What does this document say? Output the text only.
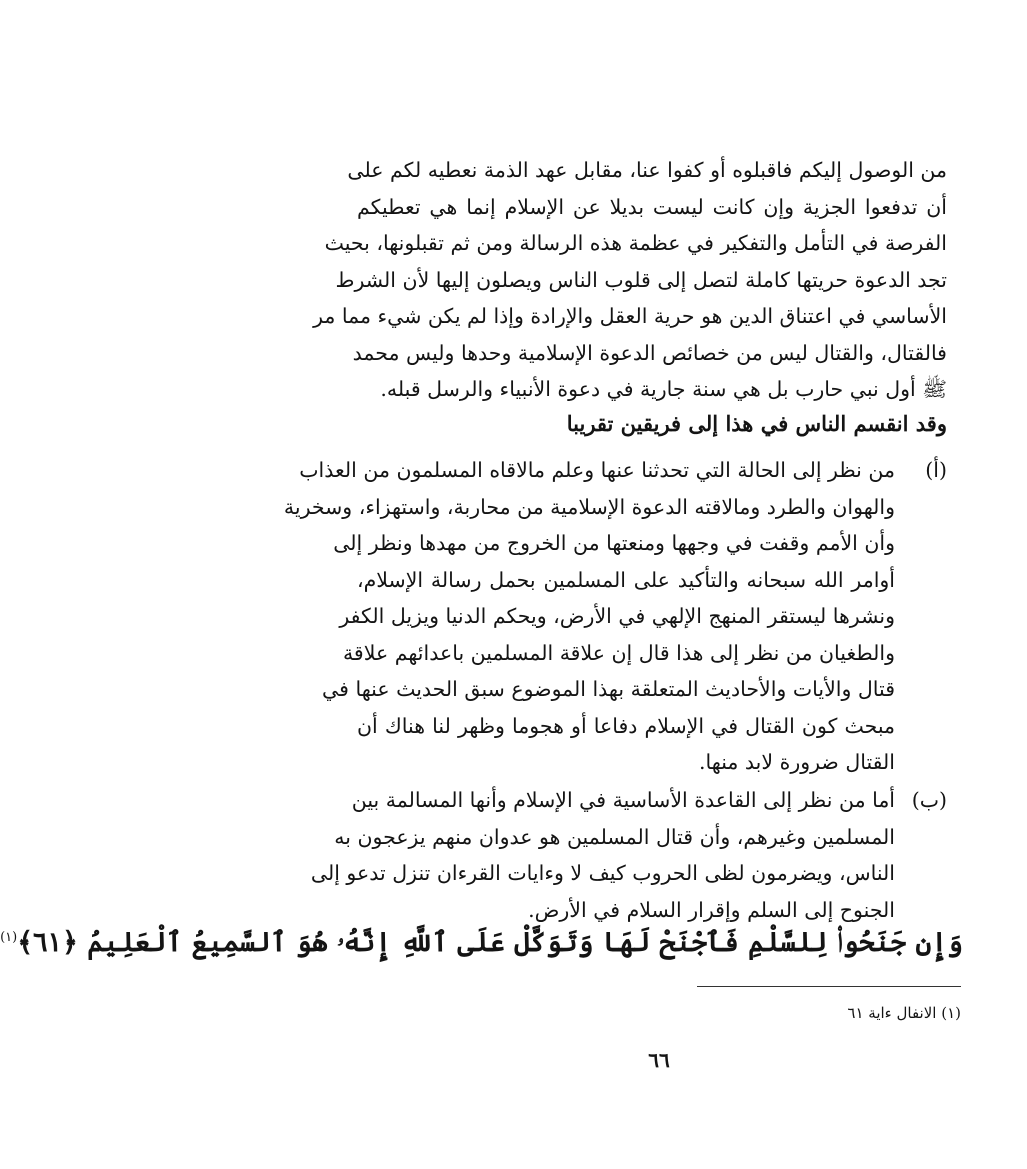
من الوصول إليكم فاقبلوه أو كفوا عنا، مقابل عهد الذمة نعطيه لكم على
أن تدفعوا الجزية وإن كانت ليست بديلا عن الإسلام إنما هي تعطيكم
الفرصة في التأمل والتفكير في عظمة هذه الرسالة ومن ثم تقبلونها، بحيث
تجد الدعوة حريتها كاملة لتصل إلى قلوب الناس ويصلون إليها لأن الشرط
الأساسي في اعتناق الدين هو حرية العقل والإرادة وإذا لم يكن شيء مما مر
فالقتال، والقتال ليس من خصائص الدعوة الإسلامية وحدها وليس محمد
ﷺ أول نبي حارب بل هي سنة جارية في دعوة الأنبياء والرسل قبله.
وقد انقسم الناس في هذا إلى فريقين تقريبا
(أ)
من نظر إلى الحالة التي تحدثنا عنها وعلم مالاقاه المسلمون من العذاب
والهوان والطرد ومالاقته الدعوة الإسلامية من محاربة، واستهزاء، وسخرية
وأن الأمم وقفت في وجهها ومنعتها من الخروج من مهدها ونظر إلى
أوامر الله سبحانه والتأكيد على المسلمين بحمل رسالة الإسلام،
ونشرها ليستقر المنهج الإلهي في الأرض، ويحكم الدنيا ويزيل الكفر
والطغيان من نظر إلى هذا قال إن علاقة المسلمين باعدائهم علاقة
قتال والأيات والأحاديث المتعلقة بهذا الموضوع سبق الحديث عنها في
مبحث كون القتال في الإسلام دفاعا أو هجوما وظهر لنا هناك أن
القتال ضرورة لابد منها.
(ب)
أما من نظر إلى القاعدة الأساسية في الإسلام وأنها المسالمة بين
المسلمين وغيرهم، وأن قتال المسلمين هو عدوان منهم يزعجون به
الناس، ويضرمون لظى الحروب كيف لا وءايات القرءان تنزل تدعو إلى
الجنوح إلى السلم وإقرار السلام في الأرض.
وَإِن جَنَحُوا۟ لِلسَّلْمِ فَٱجْنَحْ لَهَا وَتَوَكَّلْ عَلَى ٱللَّهِ إِنَّهُۥ هُوَ ٱلسَّمِيعُ ٱلْعَلِيمُ ﴿٦١﴾$^{(١)}$
(١) الانفال ءاية ٦١
٦٦
